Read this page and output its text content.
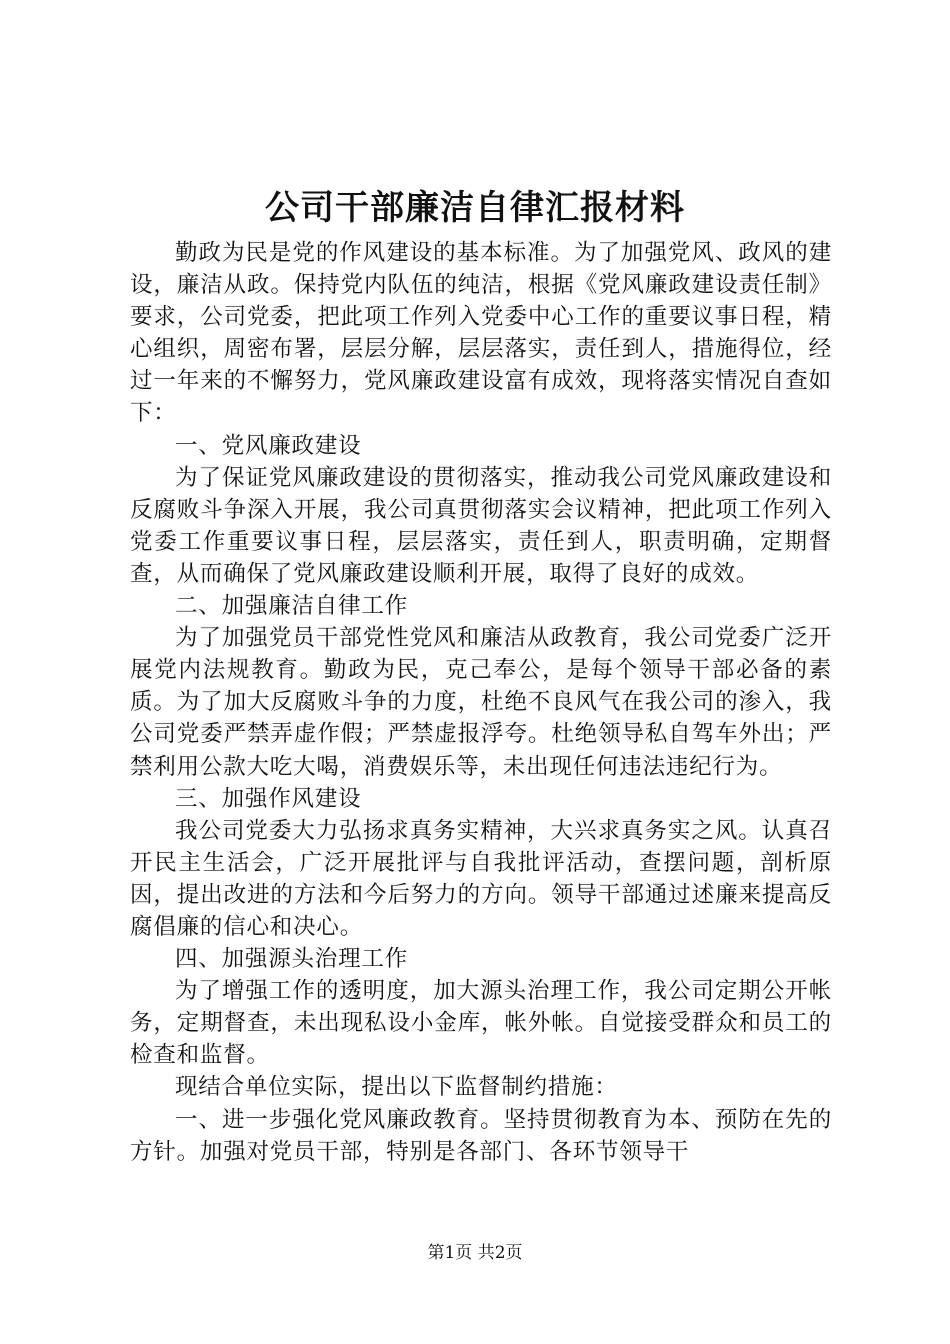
公司干部廉洁自律汇报材料

勤政为民是党的作风建设的基本标准。为了加强党风、政风的建设，廉洁从政。保持党内队伍的纯洁，根据《党风廉政建设责任制》要求，公司党委，把此项工作列入党委中心工作的重要议事日程，精心组织，周密布署，层层分解，层层落实，责任到人，措施得位，经过一年来的不懈努力，党风廉政建设富有成效，现将落实情况自查如下：

一、党风廉政建设

为了保证党风廉政建设的贯彻落实，推动我公司党风廉政建设和反腐败斗争深入开展，我公司真贯彻落实会议精神，把此项工作列入党委工作重要议事日程，层层落实，责任到人，职责明确，定期督查，从而确保了党风廉政建设顺利开展，取得了良好的成效。

二、加强廉洁自律工作

为了加强党员干部党性党风和廉洁从政教育，我公司党委广泛开展党内法规教育。勤政为民，克己奉公，是每个领导干部必备的素质。为了加大反腐败斗争的力度，杜绝不良风气在我公司的渗入，我公司党委严禁弄虚作假；严禁虚报浮夸。杜绝领导私自驾车外出；严禁利用公款大吃大喝，消费娱乐等，未出现任何违法违纪行为。

三、加强作风建设

我公司党委大力弘扬求真务实精神，大兴求真务实之风。认真召开民主生活会，广泛开展批评与自我批评活动，查摆问题，剖析原因，提出改进的方法和今后努力的方向。领导干部通过述廉来提高反腐倡廉的信心和决心。

四、加强源头治理工作

为了增强工作的透明度，加大源头治理工作，我公司定期公开帐务，定期督查，未出现私设小金库，帐外帐。自觉接受群众和员工的检查和监督。

现结合单位实际，提出以下监督制约措施：

一、进一步强化党风廉政教育。坚持贯彻教育为本、预防在先的方针。加强对党员干部，特别是各部门、各环节领导干

第1页 共2页
